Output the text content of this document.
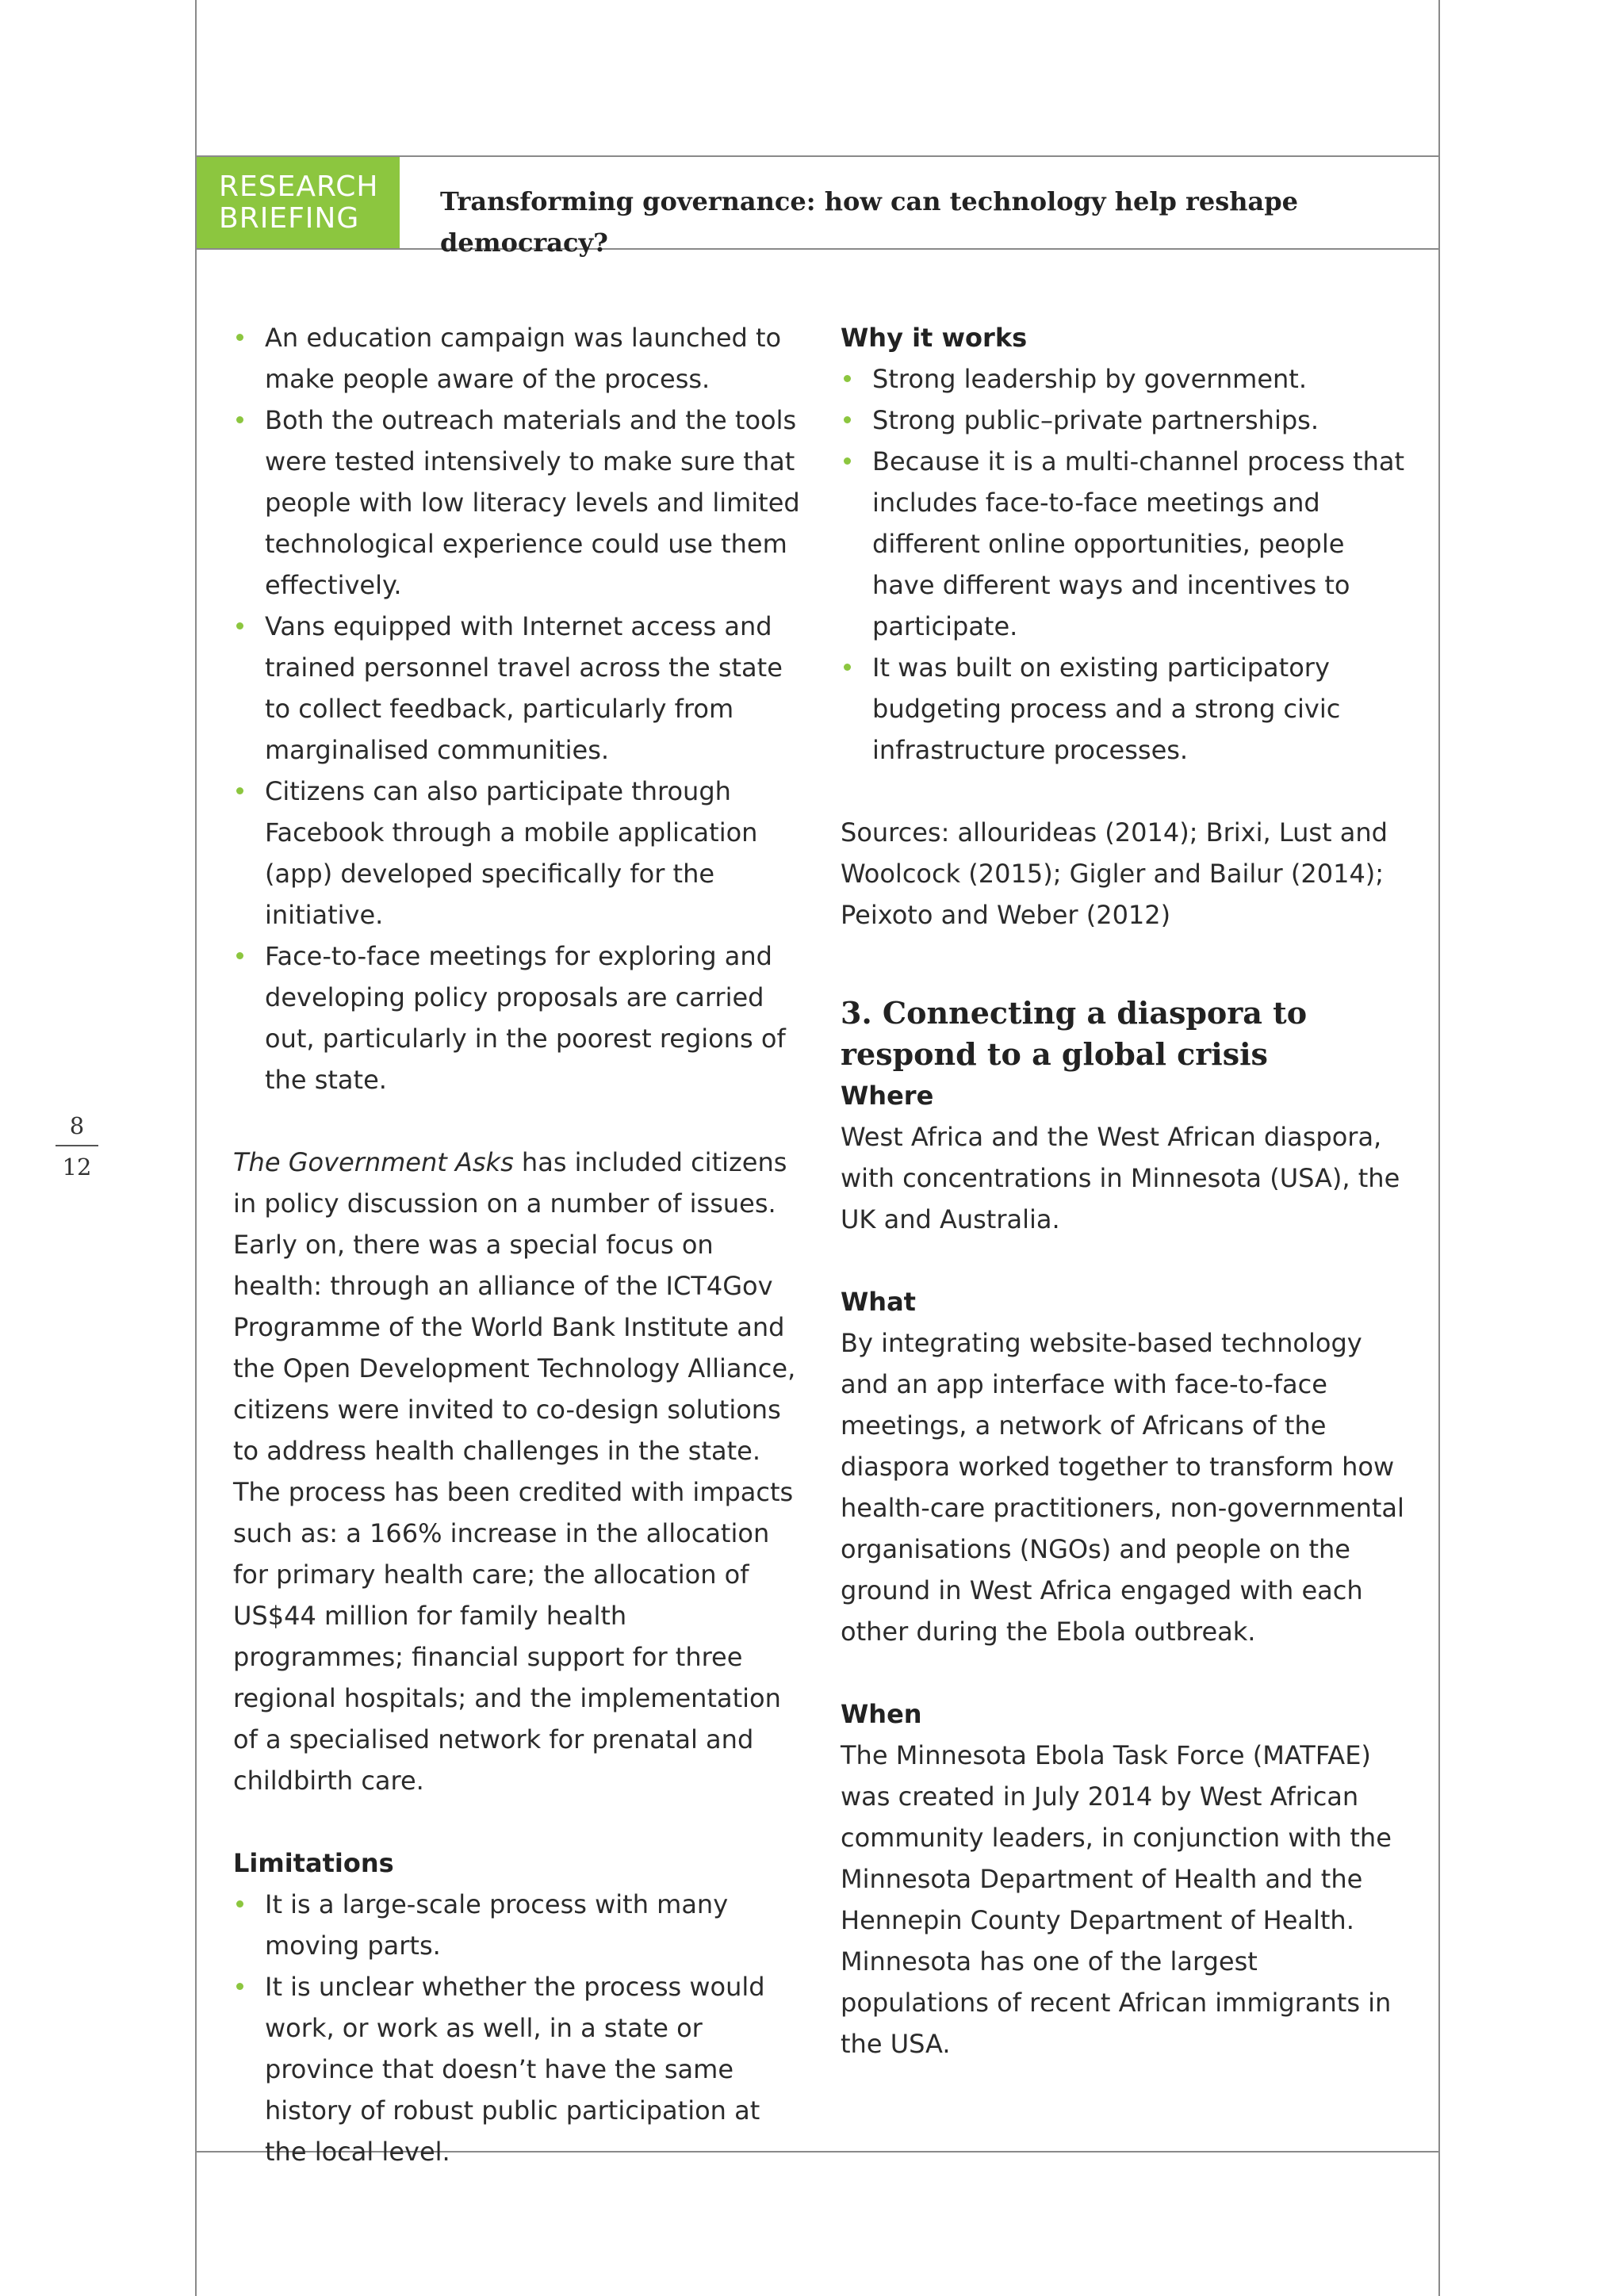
RESEARCH
BRIEFING
Transforming governance: how can technology help reshape democracy?
8
12
An education campaign was launched to make people aware of the process.
Both the outreach materials and the tools were tested intensively to make sure that people with low literacy levels and limited technological experience could use them effectively.
Vans equipped with Internet access and trained personnel travel across the state to collect feedback, particularly from marginalised communities.
Citizens can also participate through Facebook through a mobile application (app) developed specifically for the initiative.
Face-to-face meetings for exploring and developing policy proposals are carried out, particularly in the poorest regions of the state.

The Government Asks has included citizens in policy discussion on a number of issues. Early on, there was a special focus on health: through an alliance of the ICT4Gov Programme of the World Bank Institute and the Open Development Technology Alliance, citizens were invited to co-design solutions to address health challenges in the state. The process has been credited with impacts such as: a 166% increase in the allocation for primary health care; the allocation of US$44 million for family health programmes; financial support for three regional hospitals; and the implementation of a specialised network for prenatal and childbirth care.

Limitations
It is a large-scale process with many moving parts.
It is unclear whether the process would work, or work as well, in a state or province that doesn’t have the same history of robust public participation at the local level.
Why it works
Strong leadership by government.
Strong public–private partnerships.
Because it is a multi-channel process that includes face-to-face meetings and different online opportunities, people have different ways and incentives to participate.
It was built on existing participatory budgeting process and a strong civic infrastructure processes.

Sources: allourideas (2014); Brixi, Lust and Woolcock (2015); Gigler and Bailur (2014); Peixoto and Weber (2012)

3. Connecting a diaspora to respond to a global crisis
Where

West Africa and the West African diaspora, with concentrations in Minnesota (USA), the UK and Australia.

What

By integrating website-based technology and an app interface with face-to-face meetings, a network of Africans of the diaspora worked together to transform how health-care practitioners, non-governmental organisations (NGOs) and people on the ground in West Africa engaged with each other during the Ebola outbreak.

When

The Minnesota Ebola Task Force (MATFAE) was created in July 2014 by West African community leaders, in conjunction with the Minnesota Department of Health and the Hennepin County Department of Health. Minnesota has one of the largest populations of recent African immigrants in the USA.
